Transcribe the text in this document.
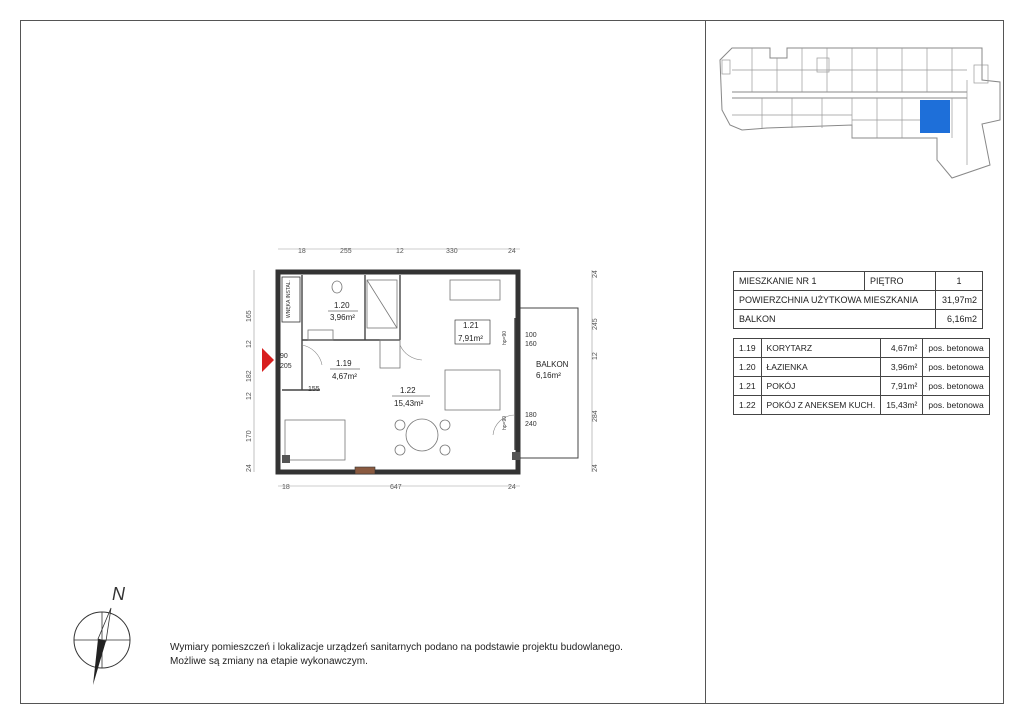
18	255	12	330	24
18	647	24
165
12
182
12
170
24
24
245
12
284
24
WNĘKA INSTAL.
90
205
100
160
180
240
155
hp=90
hp=90
1.20
3,96m²
1.19
4,67m²
1.21
7,91m²
1.22
15,43m²
BALKON
6,16m²
MIESZKANIE NR 1	PIĘTRO	1
POWIERZCHNIA UŻYTKOWA MIESZKANIA		31,97m2
BALKON		6,16m2
1.19	KORYTARZ	4,67m²	pos. betonowa
1.20	ŁAZIENKA	3,96m²	pos. betonowa
1.21	POKÓJ	7,91m²	pos. betonowa
1.22	POKÓJ Z ANEKSEM KUCH.	15,43m²	pos. betonowa
N
Wymiary pomieszczeń i lokalizacje urządzeń sanitarnych podano na podstawie projektu budowlanego.
Możliwe są zmiany na etapie wykonawczym.
